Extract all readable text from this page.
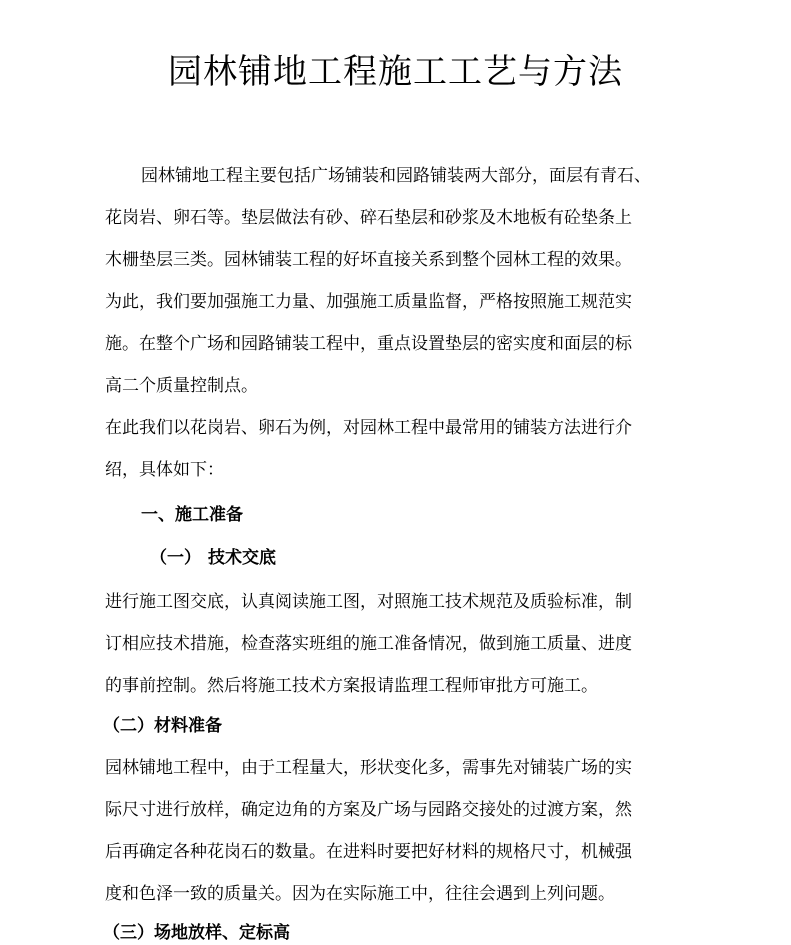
园林铺地工程施工工艺与方法

园林铺地工程主要包括广场铺装和园路铺装两大部分，面层有青石、

花岗岩、卵石等。垫层做法有砂、碎石垫层和砂浆及木地板有砼垫条上

木栅垫层三类。园林铺装工程的好坏直接关系到整个园林工程的效果。

为此，我们要加强施工力量、加强施工质量监督，严格按照施工规范实

施。在整个广场和园路铺装工程中，重点设置垫层的密实度和面层的标

高二个质量控制点。

在此我们以花岗岩、卵石为例，对园林工程中最常用的铺装方法进行介

绍，具体如下：

一、施工准备

（一） 技术交底

进行施工图交底，认真阅读施工图，对照施工技术规范及质验标准，制

订相应技术措施，检查落实班组的施工准备情况，做到施工质量、进度

的事前控制。然后将施工技术方案报请监理工程师审批方可施工。

（二）材料准备

园林铺地工程中，由于工程量大，形状变化多，需事先对铺装广场的实

际尺寸进行放样，确定边角的方案及广场与园路交接处的过渡方案，然

后再确定各种花岗石的数量。在进料时要把好材料的规格尺寸，机械强

度和色泽一致的质量关。因为在实际施工中，往往会遇到上列问题。

（三）场地放样、定标高
